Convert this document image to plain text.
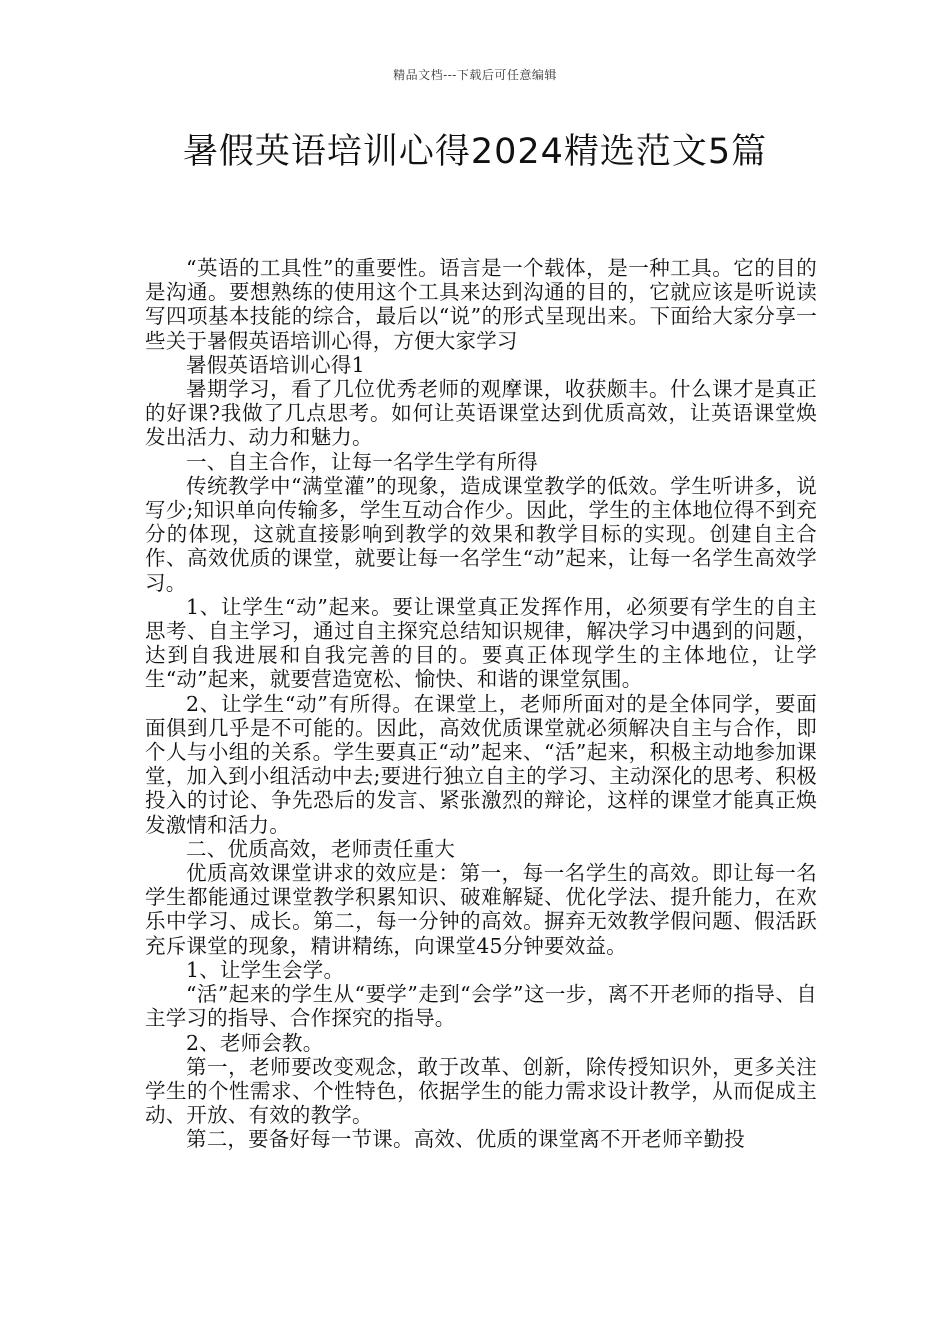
精品文档---下载后可任意编辑
暑假英语培训心得2024精选范文5篇

“英语的工具性”的重要性。语言是一个载体，是一种工具。它的目的是沟通。要想熟练的使用这个工具来达到沟通的目的，它就应该是听说读写四项基本技能的综合，最后以“说”的形式呈现出来。下面给大家分享一些关于暑假英语培训心得，方便大家学习

暑假英语培训心得1

暑期学习，看了几位优秀老师的观摩课，收获颇丰。什么课才是真正的好课?我做了几点思考。如何让英语课堂达到优质高效，让英语课堂焕发出活力、动力和魅力。

一、自主合作，让每一名学生学有所得

传统教学中“满堂灌”的现象，造成课堂教学的低效。学生听讲多，说写少;知识单向传输多，学生互动合作少。因此，学生的主体地位得不到充分的体现，这就直接影响到教学的效果和教学目标的实现。创建自主合作、高效优质的课堂，就要让每一名学生“动”起来，让每一名学生高效学习。

1、让学生“动”起来。要让课堂真正发挥作用，必须要有学生的自主思考、自主学习，通过自主探究总结知识规律，解决学习中遇到的问题，达到自我进展和自我完善的目的。要真正体现学生的主体地位，让学生“动”起来，就要营造宽松、愉快、和谐的课堂氛围。

2、让学生“动”有所得。在课堂上，老师所面对的是全体同学，要面面俱到几乎是不可能的。因此，高效优质课堂就必须解决自主与合作，即个人与小组的关系。学生要真正“动”起来、“活”起来，积极主动地参加课堂，加入到小组活动中去;要进行独立自主的学习、主动深化的思考、积极投入的讨论、争先恐后的发言、紧张激烈的辩论，这样的课堂才能真正焕发激情和活力。

二、优质高效，老师责任重大

优质高效课堂讲求的效应是：第一，每一名学生的高效。即让每一名学生都能通过课堂教学积累知识、破难解疑、优化学法、提升能力，在欢乐中学习、成长。第二，每一分钟的高效。摒弃无效教学假问题、假活跃充斥课堂的现象，精讲精练，向课堂45分钟要效益。

1、让学生会学。

“活”起来的学生从“要学”走到“会学”这一步，离不开老师的指导、自主学习的指导、合作探究的指导。

2、老师会教。

第一，老师要改变观念，敢于改革、创新，除传授知识外，更多关注学生的个性需求、个性特色，依据学生的能力需求设计教学，从而促成主动、开放、有效的教学。

第二，要备好每一节课。高效、优质的课堂离不开老师辛勤投
